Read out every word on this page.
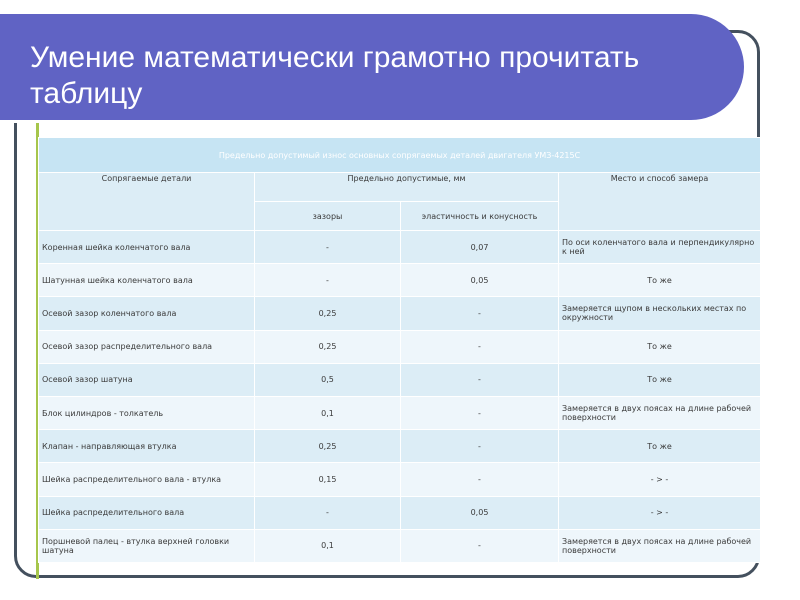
Умение математически грамотно прочитать таблицу
Предельно допустимый износ основных сопрягаемых деталей двигателя УМЗ-4215С			
Сопрягаемые детали	Предельно допустимые, мм		Место и способ замера
	зазоры	эластичность и конусность	
Коренная шейка коленчатого вала	-	0,07	По оси коленчатого вала и перпендикулярно к ней
Шатунная шейка коленчатого вала	-	0,05	То же
Осевой зазор коленчатого вала	0,25	-	Замеряется щупом в нескольких местах по окружности
Осевой зазор распределительного вала	0,25	-	То же
Осевой зазор шатуна	0,5	-	То же
Блок цилиндров - толкатель	0,1	-	Замеряется в двух поясах на длине рабочей поверхности
Клапан - направляющая втулка	0,25	-	То же
Шейка распределительного вала - втулка	0,15	-	- > -
Шейка распределительного вала	-	0,05	- > -
Поршневой палец - втулка верхней головки шатуна	0,1	-	Замеряется в двух поясах на длине рабочей поверхности
